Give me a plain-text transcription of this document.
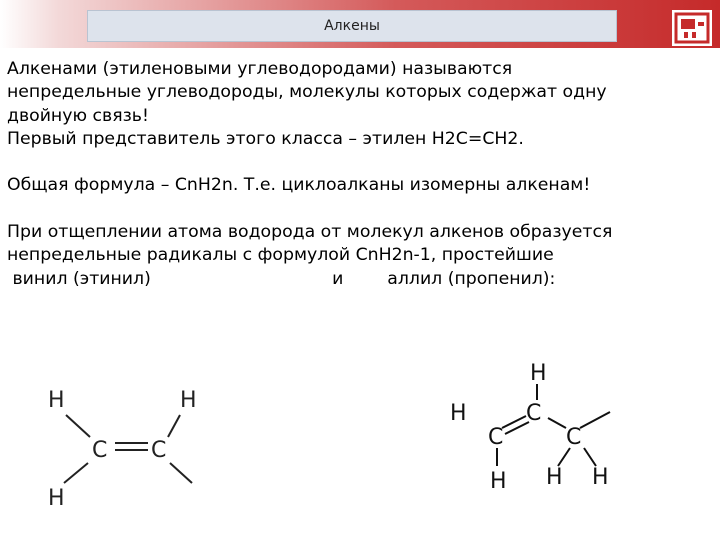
Алкены
Алкенами (этиленовыми углеводородами) называются
непредельные углеводороды, молекулы которых содержат одну
двойную связь!
Первый представитель этого класса – этилен H2C=CH2.
Общая формула – CnH2n. Т.е. циклоалканы изомерны алкенам!
При отщеплении атома водорода от молекул алкенов образуется
непредельные радикалы с формулой CnH2n-1, простейшие
винил (этинил)                                 и        аллил (пропенил):
H	H
C C
H
H
H	C
C	C
H H H
